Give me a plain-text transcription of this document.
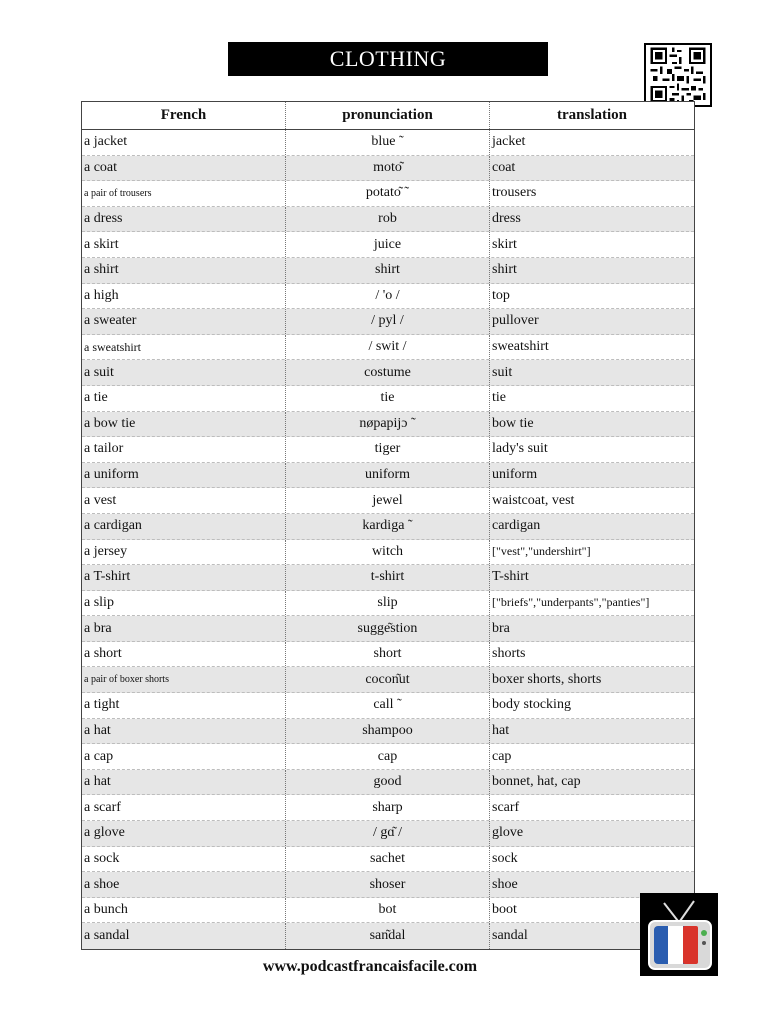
CLOTHING
French	pronunciation	translation
a jacket	blue ˜	jacket
a coat	moto͂	coat
a pair of trousers	potato͂ ˜	trousers
a dress	rob	dress
a skirt	juice	skirt
a shirt	shirt	shirt
a high	/ 'o /	top
a sweater	/ pyl /	pullover
a sweatshirt	/ swit /	sweatshirt
a suit	costume	suit
a tie	tie	tie
a bow tie	nøpapijɔ ˜	bow tie
a tailor	tiger	lady's suit
a uniform	uniform	uniform
a vest	jewel	waistcoat, vest
a cardigan	kardiga ˜	cardigan
a jersey	witch	["vest","undershirt"]
a T-shirt	t-shirt	T-shirt
a slip	slip	["briefs","underpants","panties"]
a bra	sugge͂stion	bra
a short	short	shorts
a pair of boxer shorts	cocon͂ut	boxer shorts, shorts
a tight	call ˜	body stocking
a hat	shampoo	hat
a cap	cap	cap
a hat	good	bonnet, hat, cap
a scarf	sharp	scarf
a glove	/ gɑ͂ /	glove
a sock	sachet	sock
a shoe	shoser	shoe
a bunch	bot	boot
a sandal	san͂dal	sandal
www.podcastfrancaisfacile.com
